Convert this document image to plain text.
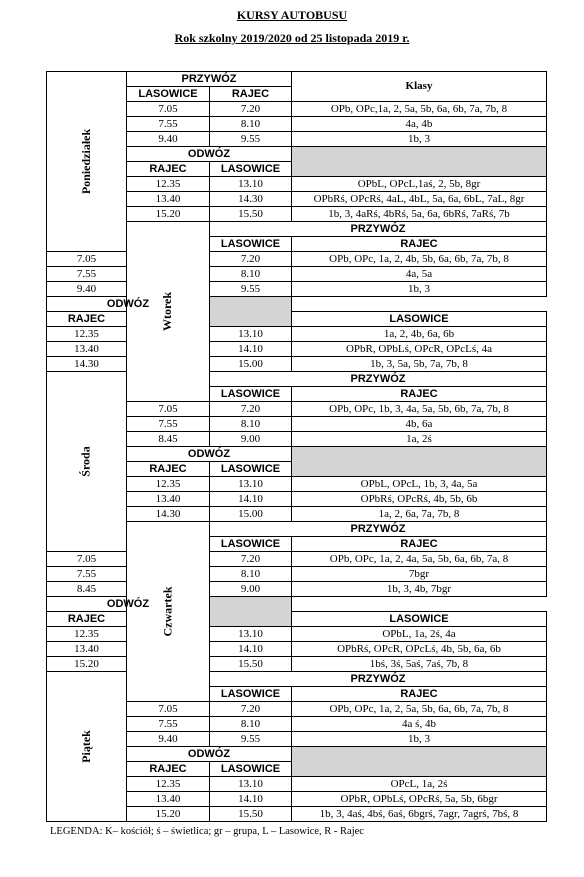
KURSY AUTOBUSU
Rok szkolny 2019/2020 od 25 listopada 2019 r.
Poniedziałek	PRZYWÓZ		Klasy	
	LASOWICE	RAJEC		
	7.05	7.20	OPb, OPc,1a, 2, 5a, 5b, 6a, 6b, 7a, 7b, 8	
	7.55	8.10	4a, 4b	
	9.40	9.55	1b, 3	
	ODWÓZ			
	RAJEC	LASOWICE		
	12.35	13.10	OPbL, OPcL,1aś, 2, 5b, 8gr	
	13.40	14.30	OPbRś, OPcRś, 4aL, 4bL, 5a, 6a, 6bL, 7aL, 8gr	
	15.20	15.50	1b, 3, 4aRś, 4bRś, 5a, 6a, 6bRś, 7aRś, 7b	
	Wtorek	PRZYWÓZ		
		LASOWICE	RAJEC	
7.05		7.20	OPb, OPc, 1a, 2, 4b, 5b, 6a, 6b, 7a, 7b, 8	
7.55		8.10	4a, 5a	
9.40		9.55	1b, 3	
ODWÓZ				
RAJEC			LASOWICE	
12.35		13.10	1a, 2, 4b, 6a, 6b	
13.40		14.10	OPbR, OPbLś, OPcR, OPcLś, 4a	
14.30		15.00	1b, 3, 5a, 5b, 7a, 7b, 8	
Środa		PRZYWÓZ		
		LASOWICE	RAJEC	
	7.05	7.20	OPb, OPc, 1b, 3, 4a, 5a, 5b, 6b, 7a, 7b, 8	
	7.55	8.10	4b, 6a	
	8.45	9.00	1a, 2ś	
	ODWÓZ			
	RAJEC	LASOWICE		
	12.35	13.10	OPbL, OPcL, 1b, 3, 4a, 5a	
	13.40	14.10	OPbRś, OPcRś, 4b, 5b, 6b	
	14.30	15.00	1a, 2, 6a, 7a, 7b, 8	
	Czwartek	PRZYWÓZ		
		LASOWICE	RAJEC	
7.05		7.20	OPb, OPc, 1a, 2, 4a, 5a, 5b, 6a, 6b, 7a, 8	
7.55		8.10	7bgr	
8.45		9.00	1b, 3, 4b, 7bgr	
ODWÓZ				
RAJEC			LASOWICE	
12.35		13.10	OPbL, 1a, 2ś, 4a	
13.40		14.10	OPbRś, OPcR, OPcLś, 4b, 5b, 6a, 6b	
15.20		15.50	1bś, 3ś, 5aś, 7aś, 7b, 8	
Piątek		PRZYWÓZ		
		LASOWICE	RAJEC	
	7.05	7.20	OPb, OPc, 1a, 2, 5a, 5b, 6a, 6b, 7a, 7b, 8	
	7.55	8.10	4a ś, 4b	
	9.40	9.55	1b, 3	
	ODWÓZ			
	RAJEC	LASOWICE		
	12.35	13.10	OPcL, 1a, 2ś	
	13.40	14.10	OPbR, OPbLś, OPcRś, 5a, 5b, 6bgr	
	15.20	15.50	1b, 3, 4aś, 4bś, 6aś, 6bgrś, 7agr, 7agrś, 7bś, 8	
LEGENDA: K– kościół; ś – świetlica; gr – grupa, L – Lasowice, R - Rajec
